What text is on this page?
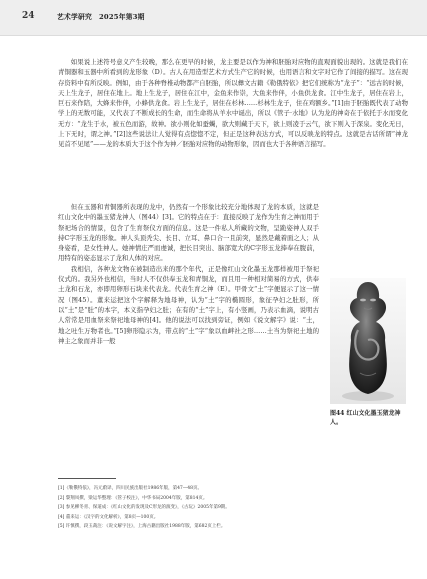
24	艺术学研究　2025年第3期

如果说上述符号意义产生较晚，那么在更早的时候，龙主要是以作为神和胚胎对应物的直观面貌出现的。这就是我们在青铜器和玉器中所看到的龙形象（D）。古人在用造型艺术方式生产它的时候，也用语言和文字对它作了间接的描写。这在现存资料中有所反映。例如，由于各种脊椎动物都产自胚胎，所以彝文古籍《勒俄特依》把它们统称为“龙子”：“远古的时候，天上生龙子，居住在地上。地上生龙子，居住在江中，金鱼来作崇，大鱼来作伴，小鱼供龙食。江中生龙子，居住在岩上，巨石来作陪，大蜂来作伴，小蜂供龙食。岩上生龙子，居住在杉林……杉林生龙子，住在鸡额乡。”[1]由于胚胎既代表了动物学上的无数可能，又代表了不断成长的生命，而生命将从羊水中诞出，所以《管子·水地》认为龙的神奇在于依托于水而变化无方：“龙生于水，被五色而游，故神。欲小则化如蚕蠋，欲大则藏于天下，欲上则凌于云气，欲下则入于深泉。变化无日，上下无时，谓之神。”[2]这些说法让人觉得有点惚惚不定，但正是这种表达方式，可以反映龙的特点。这就是古话所谓“神龙见首不见尾”——龙的本质大于这个作为神／胚胎对应物的动物形象，因而也大于各种语言描写。

但在玉器和青铜器所表现的龙中，仍然有一个形象比较充分地体现了龙的本质，这就是红山文化中的墨玉猪龙神人（图44）[3]。它的特点在于：直接反映了龙作为生育之神而用于祭祀场合的情景，包含了生育祭仪方面的信息。这是一件私人所藏的文物，呈跪姿神人双手持C字形玉龙的形象。神人头顶秃尖、长目、立耳、鼻口合一且前突，显然是戴着面之人；从身姿看，是女性神人。她神情庄严而虔诚，把长目突出、脑部宽大的C字形玉龙捧奉在腹前，用特有的姿态显示了龙和人体的对应。

我相信，各种龙文物在被制造出来的那个年代，正是像红山文化墨玉龙那样被用于祭祀仪式的。我另外也相信，当时人不仅供奉玉龙和青铜龙，而且用一种相对简易的方式，供奉土龙和石龙，亦即用卵形石块来代表龙。代表生育之神（E）。甲骨文“土”字便显示了这一情况（图45）。董来运把这个字解释为地母神，认为“土”字的椭圆形，象征孕妇之肚形，所以“土”是“肚”的本字，本义指孕妇之肚；在有的“土”字上，有小竖画，乃表示血滴，说明古人常常是用血祭来祭祀地母神的[4]。他的说法可以找到旁证，例如《说文解字》说：“土，地之吐生万物者也。”[5]卵形隐示为，带点的“土”字“象以血衅社之形……土当为祭祀土地的神主之象而并非一般

图44 红山文化墨玉猪龙神人。
[1]《勒俄特依》，冯元蔚译，四川民族出版社1986年版，第47—48页。
[2] 黎翔凤撰，梁运华整理：《管子校注》，中华书局2004年版，第814页。
[3] 参见柳冬青、保道成：《红山文化的发现及C形龙的演变》，《古玩》2005年第9期。
[4] 董来运：《汉字的文化解析》，第8页—100页。
[5] 许慎撰，段玉裁注：《说文解字注》，上海古籍出版社1988年版，第682页上栏。
